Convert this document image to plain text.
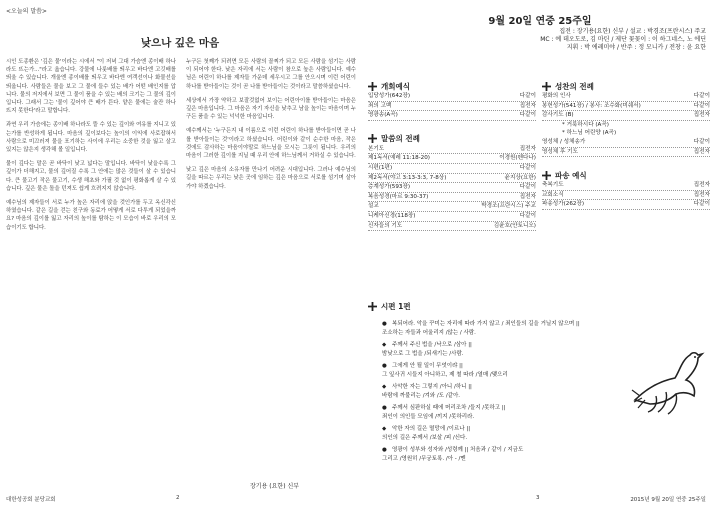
<오늘의 말씀>
낮으나 깊은 마음

시인 도종환은 '깊은 물'이라는 시에서 "이 저녁 그대 가슴엔 종이배 하나라도 뜨는가..."라고 읊습니다. 강물에 나룻배를 띄우고 바다엔 고깃배를 띄울 수 있습니다. 개울엔 종이배를 띄우고 바다엔 여객선이나 화물선을 띄웁니다. 사람들은 물을 보고 그 물에 들수 있는 배가 어떤 배인지를 압니다. 물의 저지에서 보면 그 물이 품을 수 있는 배의 크기는 그 물의 깊이입니다. 그래서 그는 '물이 깊어야 큰 배가 뜬다. 얕은 물에는 술잔 하나 뜨지 못한다'라고 말합니다.

과연 우리 가슴에는 종이배 하나라도 뜰 수 있는 깊이와 여유를 지니고 있는가를 반성하게 됩니다. 마음의 깊이보다는 높이의 이익에 사로잡혀서 사람으로 미끄러져 물을 포기하는 사이에 우리는 소중한 것을 잃고 살고 있지는 않은지 생각해 볼 일입니다.

물이 깊다는 말은 곧 바닥이 낮고 넓다는 말입니다. 바닥이 낮을수록 그 깊이가 더해지고, 물의 깊어질 수록 그 안에는 많은 것들이 살 수 있습니다. 큰 물고기 작은 물고기, 수생 해초와 가필 것 없이 평화롭게 살 수 있습니다. 깊은 물은 돌을 던져도 쉽게 흐려지지 않습니다.

예수님의 제자들이 서로 누가 높은 자리에 앉을 것인가를 두고 옥신각신 하였습니다. 같은 길을 걷는 친구와 동료가 어떻게 서로 다투게 되었을까요? 마음의 깊이를 잃고 자리의 높이를 탐하는 이 모습이 바로 우리의 모습이기도 합니다.

누구든 첫째가 되려면 모든 사람의 꼴찌가 되고 모든 사람을 섬기는 사람이 되어야 한다. 낮은 자리에 서는 사람이 참으로 높은 사람입니다. 예수님은 어린이 하나를 제자들 가운데 세우시고 그를 안으시며 이런 어린이 하나를 받아들이는 것이 곧 나를 받아들이는 것이라고 말씀하셨습니다.

세상에서 가장 약하고 보잘것없어 보이는 어린아이를 받아들이는 마음은 깊은 마음입니다. 그 마음은 자기 자신을 낮추고 남을 높이는 마음이며 누구든 품을 수 있는 넉넉한 마음입니다.

예수께서는 '누구든지 내 이름으로 이런 어린이 하나를 받아들이면 곧 나를 받아들이는 것'이라고 하셨습니다. 어린이와 같이 순수한 마음, 작은 것에도 감사하는 마음이야말로 하느님을 모시는 그릇이 됩니다. 우리의 마음이 그러한 깊이를 지닐 때 우리 안에 하느님께서 거하실 수 있습니다.

낮고 깊은 마음의 소유자를 만나기 어려운 시대입니다. 그러나 예수님의 길을 따르는 우리는 낮은 곳에 임하는 깊은 마음으로 서로를 섬기며 살아가야 하겠습니다.

장기용 (요한) 신부
대한성공회 분당교회	2
9월 20일 연중 25주일
집전 : 장기용(요한) 신부 / 설교 : 박경조(프란시스) 주교
MC : 예 데오도로, 김 마틴 / 제단 꽃꽂이 : 이 하그네스, 노 에딘
지휘 : 박 에레미야 / 반주 : 정 모니카 / 전창 : 윤 요한
개회예식
입당성가(642장)	다같이
죄의 고백	집전자
영광송(A곡)	다같이
말씀의 전례
본기도	집전자
제1독서(예레 11:18-20)	이경원(펜다나)
시편(1편)	다같이
제2독서(야고 3:13-3:3, 7-8상)	윤지상(요한)
층계성가(593장)	다같이
복음성경(마르 9:30-37)	집전자
설교	박경조(프란시스) 주교
니케아신경(118장)	다같이
신자들의 기도	김윤호(안토니오)
성찬의 전례
평화의 인사	다같이
봉헌성가(541장) / 봉사: 조수화(미쉐서)	다같이
감사기도 (B)	집전자
* 거룩하시다 (A곡)
* 하느님 어린양 (A곡)
영성체 / 성체송가	다같이
영성체 후 기도	집전자
파송 예식
축복기도	집전자
교회소식	집전자
파송성가(262장)	다같이
시편 1편
● 복되어라. 악을 꾸미는 자리에 따라 가지 않고 / 죄인들의 길을 거닐지 않으며 ||
조소하는 자들과 어울리지 /않는 / 사람.
◆ 주께서 주신 법을 /낙으로 /삼아 ||
밤낮으로 그 법을 /되새기는 /사람.
● 그에게 안 될 일이 무엇이랴 ||
그 잎사귀 시들지 아니하고, 제 철 따라 /열매 /맺으리
◆ 사악한 자는 그렇지 /아니 /하니 ||
바람에 까불리는 /겨와 /도 /같아.
● 주께서 심판하실 때에 머리조차 /들지 /못하고 ||
죄인이 의인들 모임에 /끼지 /못하리라.
◆ 악한 자의 길은 멸망에 /이르나 ||
의인의 길은 주께서 /보살 /피 /신다.
● 영광이 성부와 성자와 /성령께 || 처음과 / 같이 / 지금도
그리고 /영원히 /무궁토록. /아 - /멘
3	2015년 9월 20일 연중 25주일
